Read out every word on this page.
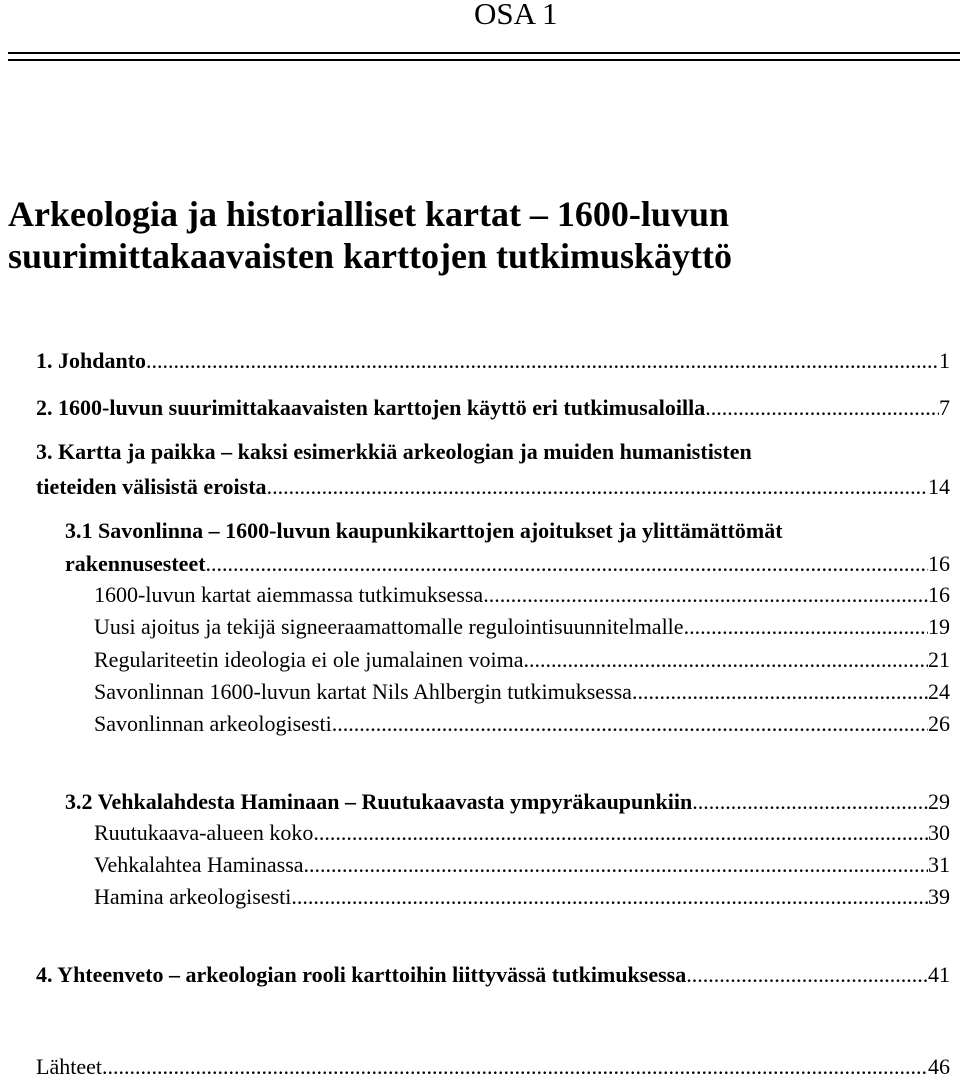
OSA 1
Arkeologia ja historialliset kartat – 1600-luvun
suurimittakaavaisten karttojen tutkimuskäyttö
1. Johdanto .....	1
2. 1600-luvun suurimittakaavaisten karttojen käyttö eri tutkimusaloilla .....	7
3. Kartta ja paikka – kaksi esimerkkiä arkeologian ja muiden humanististen
tieteiden välisistä eroista .....	14
3.1 Savonlinna – 1600-luvun kaupunkikarttojen ajoitukset ja ylittämättömät
rakennusesteet .....	16
1600-luvun kartat aiemmassa tutkimuksessa .....	16
Uusi ajoitus ja tekijä signeeraamattomalle regulointisuunnitelmalle .....	19
Regulariteetin ideologia ei ole jumalainen voima .....	21
Savonlinnan 1600-luvun kartat Nils Ahlbergin tutkimuksessa .....	24
Savonlinnan arkeologisesti .....	26
3.2 Vehkalahdesta Haminaan – Ruutukaavasta ympyräkaupunkiin .....	29
Ruutukaava-alueen koko .....	30
Vehkalahtea Haminassa .....	31
Hamina arkeologisesti .....	39
4. Yhteenveto – arkeologian rooli karttoihin liittyvässä tutkimuksessa .....	41
Lähteet .....	46
